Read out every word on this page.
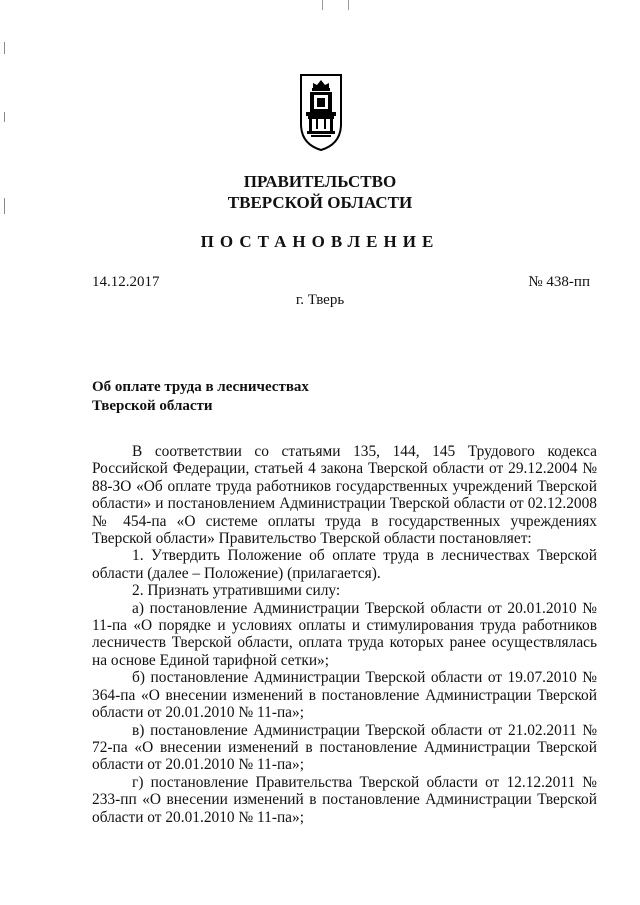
ПРАВИТЕЛЬСТВО
ТВЕРСКОЙ ОБЛАСТИ
ПОСТАНОВЛЕНИЕ
14.12.2017	№ 438-пп
г. Тверь
Об оплате труда в лесничествах
Тверской области

В соответствии со статьями 135, 144, 145 Трудового кодекса Российской Федерации, статьей 4 закона Тверской области от 29.12.2004 № 88-ЗО «Об оплате труда работников государственных учреждений Тверской области» и постановлением Администрации Тверской области от 02.12.2008 № 454-па «О системе оплаты труда в государственных учреждениях Тверской области» Правительство Тверской области постановляет:

1. Утвердить Положение об оплате труда в лесничествах Тверской области (далее – Положение) (прилагается).

2. Признать утратившими силу:

а) постановление Администрации Тверской области от 20.01.2010 № 11-па «О порядке и условиях оплаты и стимулирования труда работников лесничеств Тверской области, оплата труда которых ранее осуществлялась на основе Единой тарифной сетки»;

б) постановление Администрации Тверской области от 19.07.2010 № 364-па «О внесении изменений в постановление Администрации Тверской области от 20.01.2010 № 11-па»;

в) постановление Администрации Тверской области от 21.02.2011 № 72-па «О внесении изменений в постановление Администрации Тверской области от 20.01.2010 № 11-па»;

г) постановление Правительства Тверской области от 12.12.2011 № 233-пп «О внесении изменений в постановление Администрации Тверской области от 20.01.2010 № 11-па»;
